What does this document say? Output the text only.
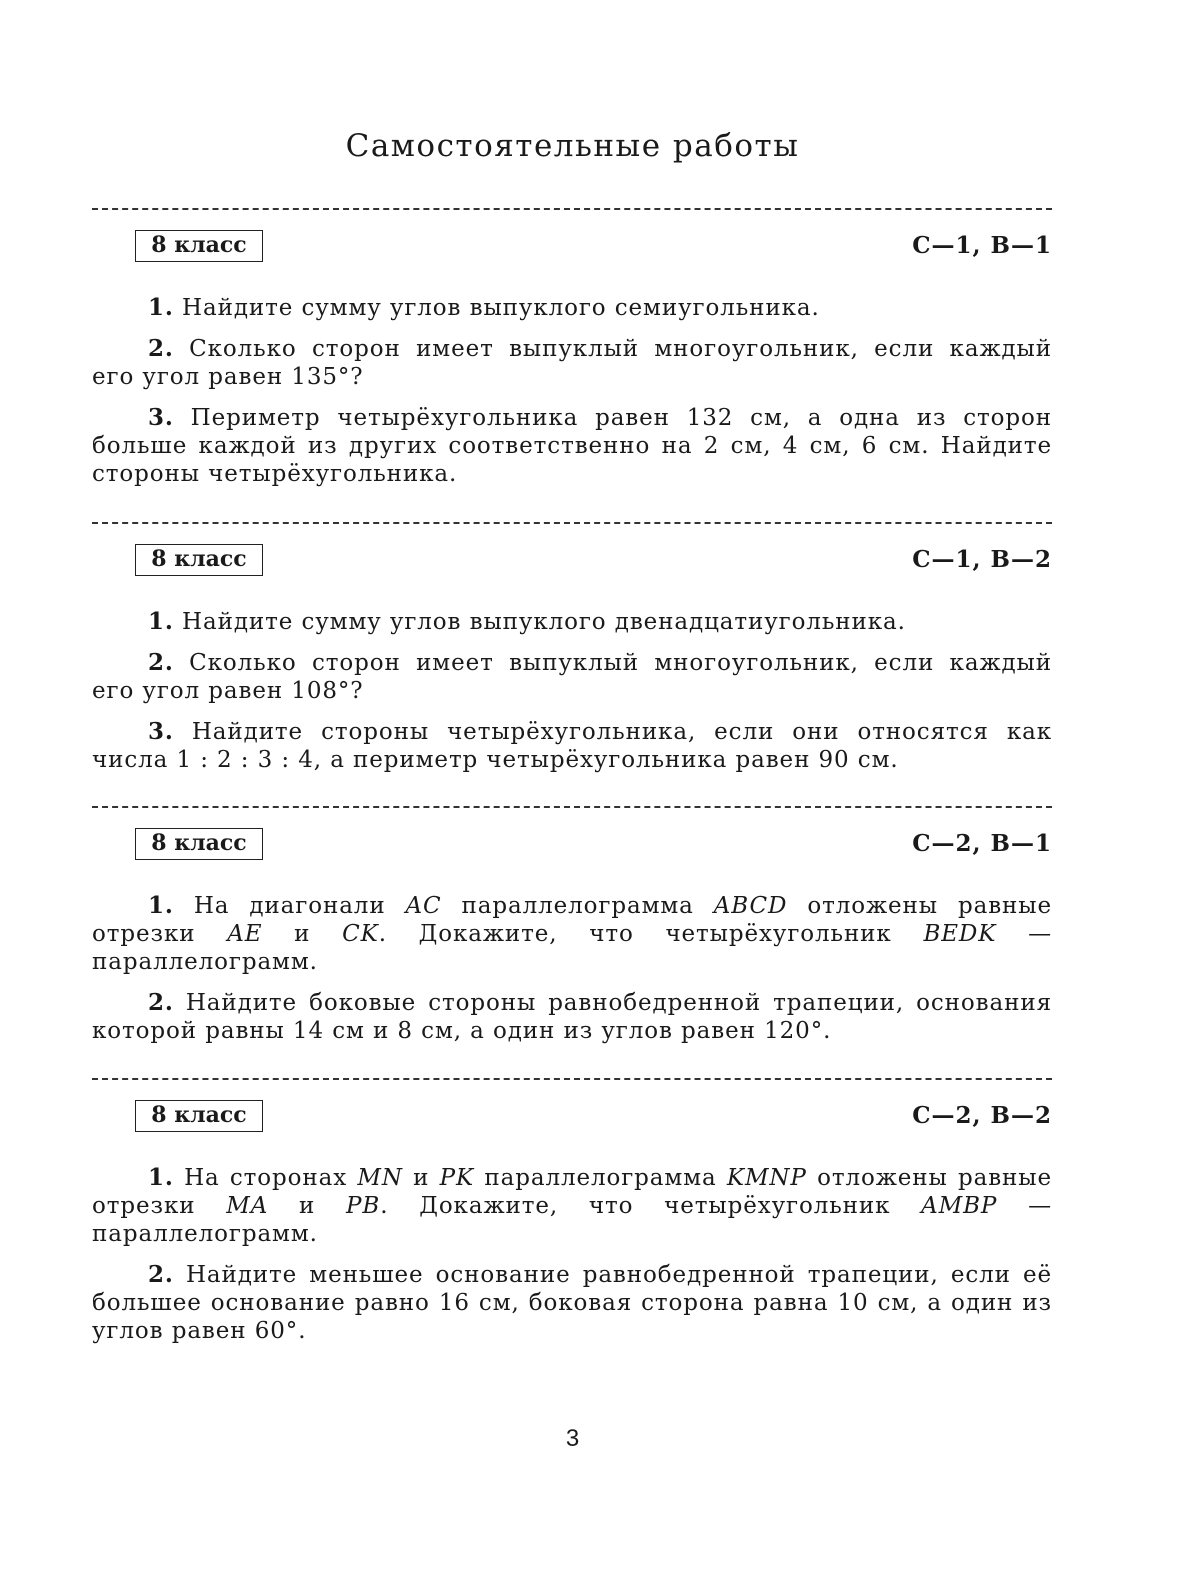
Самостоятельные работы
8 класс	С—1, В—1

1. Найдите сумму углов выпуклого семиугольника.

2. Сколько сторон имеет выпуклый многоугольник, если каждый его угол равен 135°?

3. Периметр четырёхугольника равен 132 см, а одна из сторон больше каждой из других соответственно на 2 см, 4 см, 6 см. Найдите стороны четырёхугольника.

8 класс	С—1, В—2

1. Найдите сумму углов выпуклого двенадцатиугольника.

2. Сколько сторон имеет выпуклый многоугольник, если каждый его угол равен 108°?

3. Найдите стороны четырёхугольника, если они относятся как числа 1 : 2 : 3 : 4, а периметр четырёхугольника равен 90 см.

8 класс	С—2, В—1

1. На диагонали AC параллелограмма ABCD отложены равные отрезки AE и CK. Докажите, что четырёхугольник BEDK — параллелограмм.

2. Найдите боковые стороны равнобедренной трапеции, основания которой равны 14 см и 8 см, а один из углов равен 120°.

8 класс	С—2, В—2

1. На сторонах MN и PK параллелограмма KMNP отложены равные отрезки MA и PB. Докажите, что четырёхугольник AMBP — параллелограмм.

2. Найдите меньшее основание равнобедренной трапеции, если её большее основание равно 16 см, боковая сторона равна 10 см, а один из углов равен 60°.

3
